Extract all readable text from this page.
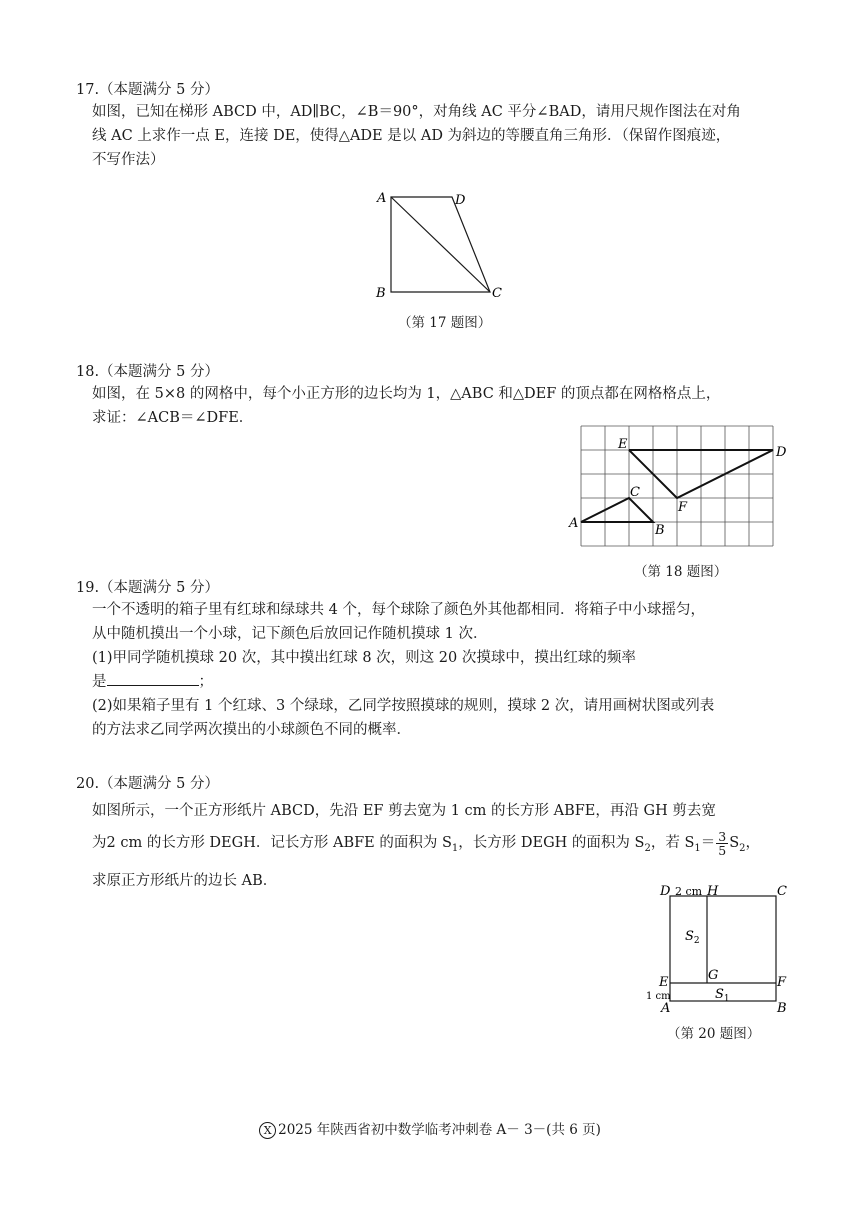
17.（本题满分 5 分）
如图，已知在梯形 ABCD 中，AD∥BC，∠B＝90°，对角线 AC 平分∠BAD，请用尺规作图法在对角
线 AC 上求作一点 E，连接 DE，使得△ADE 是以 AD 为斜边的等腰直角三角形．（保留作图痕迹，
不写作法）
A	D
B	C
（第 17 题图）
18.（本题满分 5 分）
如图，在 5×8 的网格中，每个小正方形的边长均为 1，△ABC 和△DEF 的顶点都在网格格点上，
求证：∠ACB＝∠DFE．
A	B
C
D
E
F
（第 18 题图）
19.（本题满分 5 分）
一个不透明的箱子里有红球和绿球共 4 个，每个球除了颜色外其他都相同．将箱子中小球摇匀，
从中随机摸出一个小球，记下颜色后放回记作随机摸球 1 次．
(1)甲同学随机摸球 20 次，其中摸出红球 8 次，则这 20 次摸球中，摸出红球的频率
是	；
(2)如果箱子里有 1 个红球、3 个绿球，乙同学按照摸球的规则，摸球 2 次，请用画树状图或列表
的方法求乙同学两次摸出的小球颜色不同的概率．
20.（本题满分 5 分）
如图所示，一个正方形纸片 ABCD，先沿 EF 剪去宽为 1 cm 的长方形 ABFE，再沿 GH 剪去宽
为2 cm 的长方形 DEGH．记长方形 ABFE 的面积为 $S_1$，长方形 DEGH 的面积为 $S_2$，若 $S_1= \frac{3}{5} S_2$，
求原正方形纸片的边长 AB．
D 2 cm H	C
$S_2$
G
E	F
1 cm	$S_1$
A	B
（第 20 题图）
X 2025 年陕西省初中数学临考冲刺卷 A－ 3－(共 6 页)
